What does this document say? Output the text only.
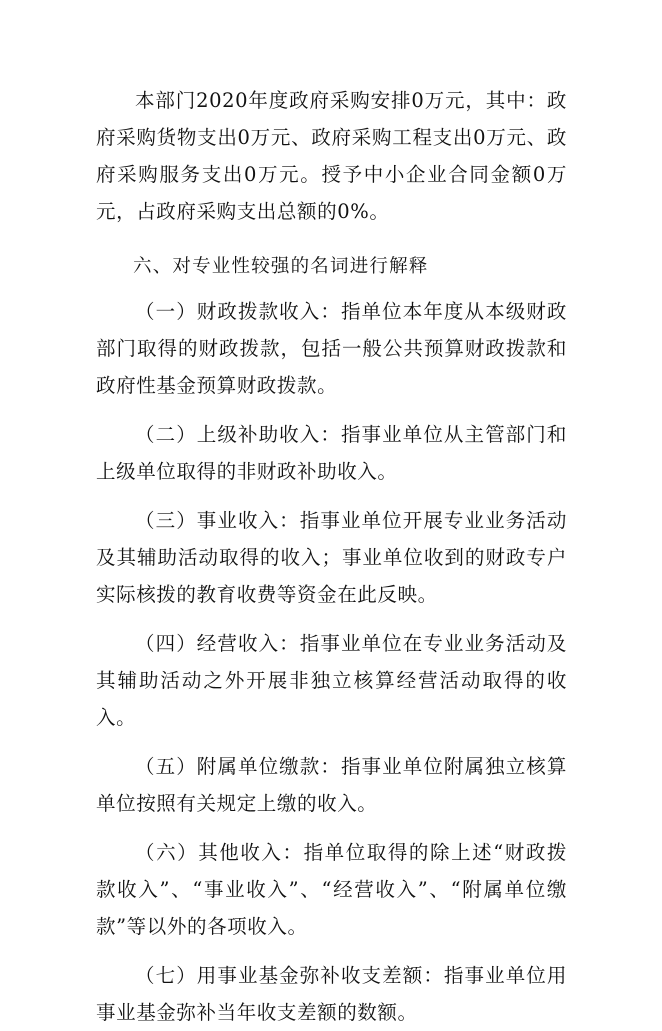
本部门2020年度政府采购安排0万元，其中：政府采购货物支出0万元、政府采购工程支出0万元、政府采购服务支出0万元。授予中小企业合同金额0万元，占政府采购支出总额的0%。

六、对专业性较强的名词进行解释

（一）财政拨款收入：指单位本年度从本级财政部门取得的财政拨款，包括一般公共预算财政拨款和政府性基金预算财政拨款。

（二）上级补助收入：指事业单位从主管部门和上级单位取得的非财政补助收入。

（三）事业收入：指事业单位开展专业业务活动及其辅助活动取得的收入；事业单位收到的财政专户实际核拨的教育收费等资金在此反映。

（四）经营收入：指事业单位在专业业务活动及其辅助活动之外开展非独立核算经营活动取得的收入。

（五）附属单位缴款：指事业单位附属独立核算单位按照有关规定上缴的收入。

（六）其他收入：指单位取得的除上述“财政拨款收入”、“事业收入”、“经营收入”、“附属单位缴款”等以外的各项收入。

（七）用事业基金弥补收支差额：指事业单位用事业基金弥补当年收支差额的数额。
